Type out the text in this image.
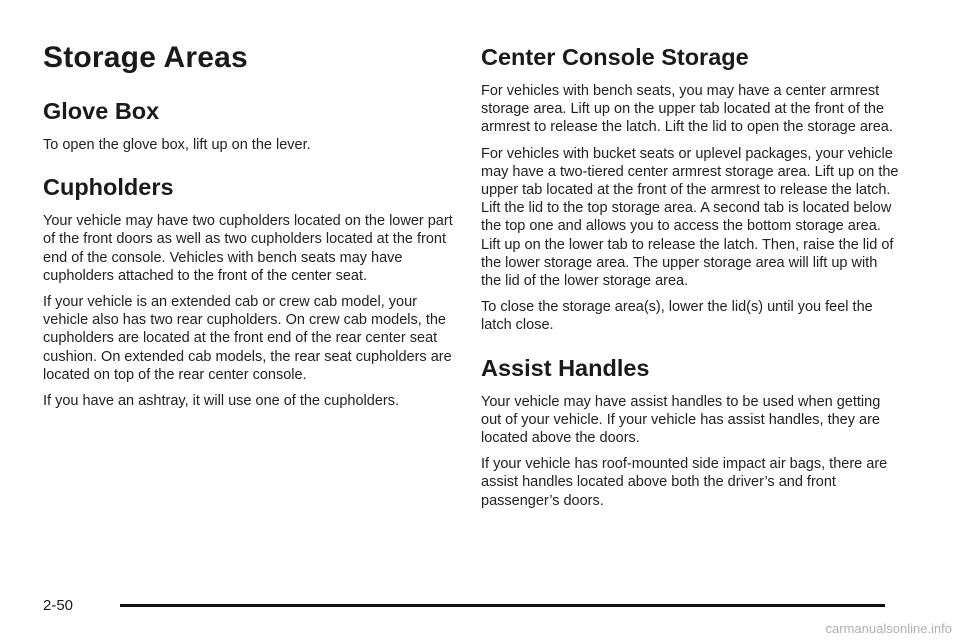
Storage Areas
Glove Box

To open the glove box, lift up on the lever.

Cupholders

Your vehicle may have two cupholders located on the lower part of the front doors as well as two cupholders located at the front end of the console. Vehicles with bench seats may have cupholders attached to the front of the center seat.

If your vehicle is an extended cab or crew cab model, your vehicle also has two rear cupholders. On crew cab models, the cupholders are located at the front end of the rear center seat cushion. On extended cab models, the rear seat cupholders are located on top of the rear center console.

If you have an ashtray, it will use one of the cupholders.

Center Console Storage

For vehicles with bench seats, you may have a center armrest storage area. Lift up on the upper tab located at the front of the armrest to release the latch. Lift the lid to open the storage area.

For vehicles with bucket seats or uplevel packages, your vehicle may have a two-tiered center armrest storage area. Lift up on the upper tab located at the front of the armrest to release the latch. Lift the lid to the top storage area. A second tab is located below the top one and allows you to access the bottom storage area. Lift up on the lower tab to release the latch. Then, raise the lid of the lower storage area. The upper storage area will lift up with the lid of the lower storage area.

To close the storage area(s), lower the lid(s) until you feel the latch close.

Assist Handles

Your vehicle may have assist handles to be used when getting out of your vehicle. If your vehicle has assist handles, they are located above the doors.

If your vehicle has roof-mounted side impact air bags, there are assist handles located above both the driver’s and front passenger’s doors.

2-50
carmanualsonline.info
